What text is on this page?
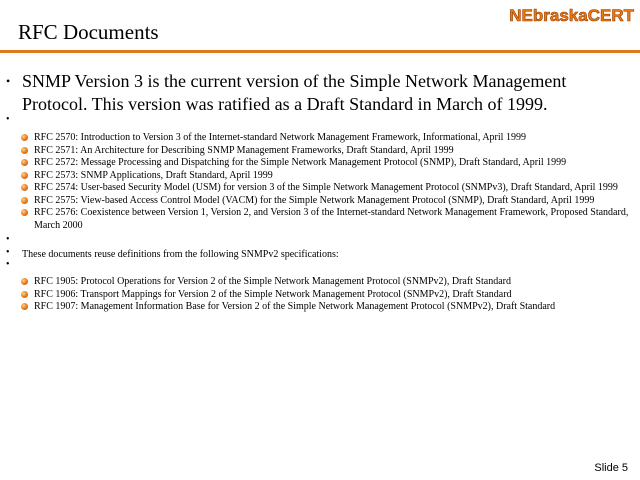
NEbraskaCERT
RFC Documents
• SNMP Version 3 is the current version of the Simple Network Management Protocol. This version was ratified as a Draft Standard in March of 1999.
•
RFC 2570: Introduction to Version 3 of the Internet-standard Network Management Framework, Informational, April 1999
RFC 2571: An Architecture for Describing SNMP Management Frameworks, Draft Standard, April 1999
RFC 2572: Message Processing and Dispatching for the Simple Network Management Protocol (SNMP), Draft Standard, April 1999
RFC 2573: SNMP Applications, Draft Standard, April 1999
RFC 2574: User-based Security Model (USM) for version 3 of the Simple Network Management Protocol (SNMPv3), Draft Standard, April 1999
RFC 2575: View-based Access Control Model (VACM) for the Simple Network Management Protocol (SNMP), Draft Standard, April 1999
RFC 2576: Coexistence between Version 1, Version 2, and Version 3 of the Internet-standard Network Management Framework, Proposed Standard, March 2000
•
• These documents reuse definitions from the following SNMPv2 specifications:
•
RFC 1905: Protocol Operations for Version 2 of the Simple Network Management Protocol (SNMPv2), Draft Standard
RFC 1906: Transport Mappings for Version 2 of the Simple Network Management Protocol (SNMPv2), Draft Standard
RFC 1907: Management Information Base for Version 2 of the Simple Network Management Protocol (SNMPv2), Draft Standard
Slide 5
